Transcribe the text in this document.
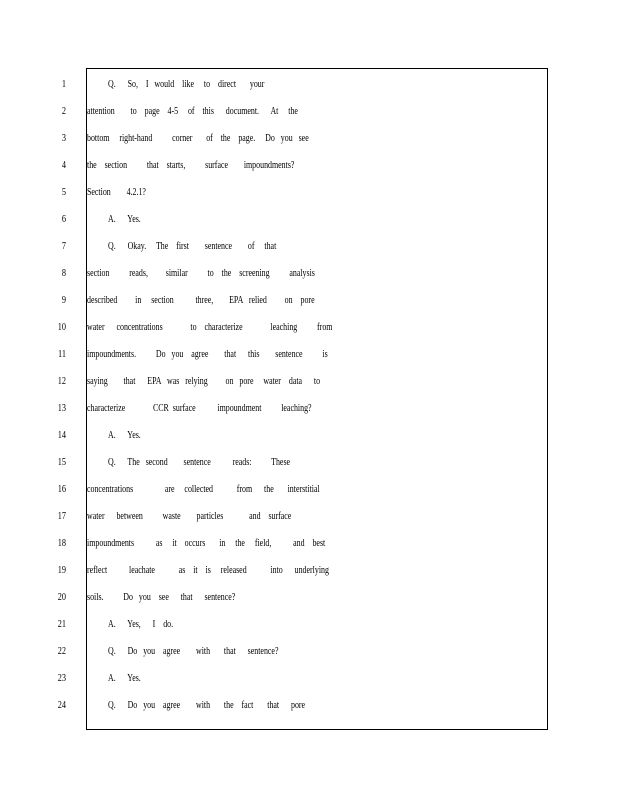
1
2
3
4
5
6
7
8
9
10
11
12
13
14
15
16
17
18
19
20
21
22
23
24
Q.      So,    I   would    like     to    direct       your
attention        to    page    4-5     of    this      document.      At     the
bottom     right-hand          corner       of    the    page.     Do   you   see
the    section          that    starts,          surface        impoundments?
Section        4.2.1?
A.      Yes.
Q.      Okay.     The    first        sentence        of     that
section          reads,         similar          to    the    screening          analysis
described         in     section           three,        EPA   relied         on    pore
water      concentrations              to    characterize              leaching          from
impoundments.          Do   you    agree        that      this        sentence          is
saying        that      EPA   was   relying         on   pore     water    data      to
characterize              CCR  surface           impoundment          leaching?
A.      Yes.
Q.      The   second        sentence           reads:          These
concentrations                are     collected            from      the       interstitial
water      between          waste        particles             and    surface
impoundments           as     it    occurs       in     the     field,           and    best
reflect           leachate            as    it    is     released            into      underlying
soils.          Do   you    see      that      sentence?
A.      Yes,      I    do.
Q.      Do   you    agree        with       that      sentence?
A.      Yes.
Q.      Do   you    agree        with       the    fact       that      pore
